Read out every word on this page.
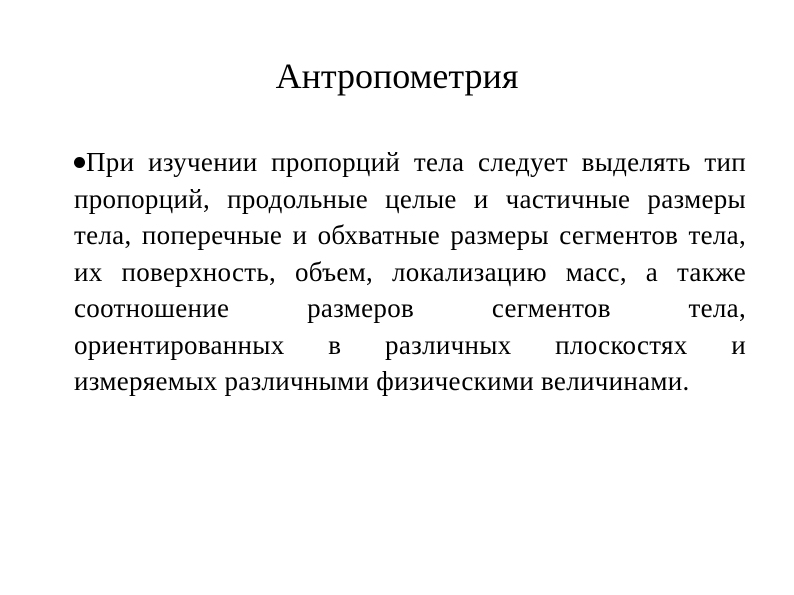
Антропометрия

При изучении пропорций тела следует выделять тип пропорций, продольные целые и частичные размеры тела, поперечные и обхватные размеры сегментов тела, их поверхность, объем, локализацию масс, а также соотношение размеров сегментов тела, ориентированных в различных плоскостях и измеряемых различными физическими величинами.
